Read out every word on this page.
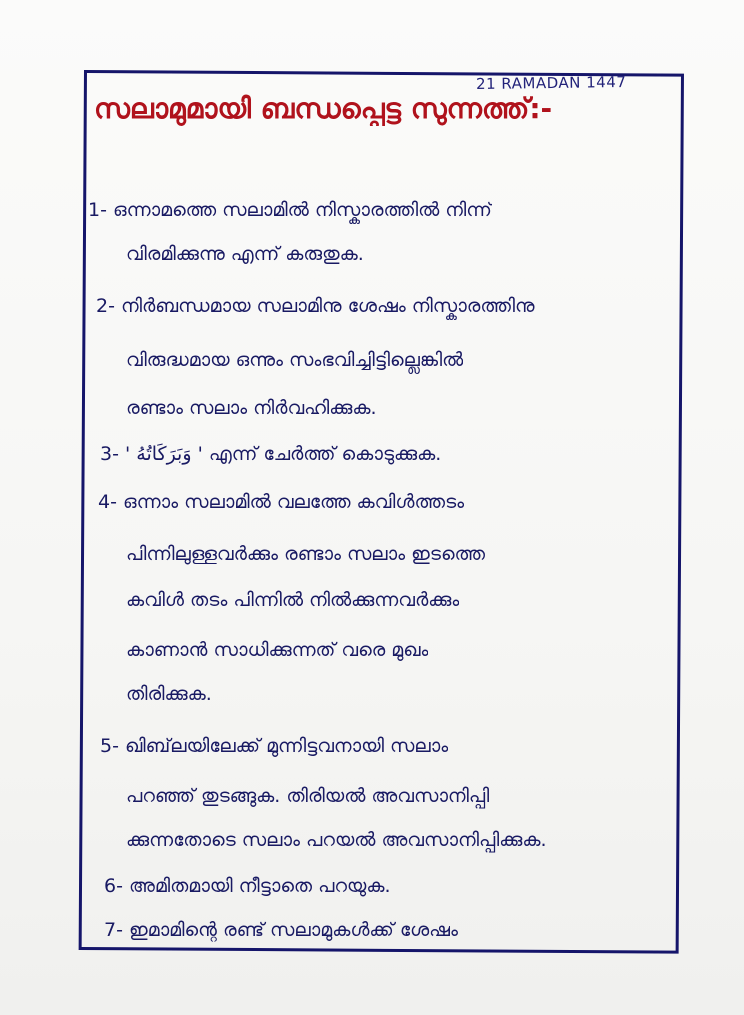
21 RAMADAN 1447
സലാമുമായി ബന്ധപ്പെട്ട സുന്നത്ത്:-
1- ഒന്നാമത്തെ സലാമിൽ നിസ്കാരത്തിൽ നിന്ന്
വിരമിക്കുന്നു എന്ന് കരുതുക.
2- നിർബന്ധമായ സലാമിനു ശേഷം നിസ്കാരത്തിനു
വിരുദ്ധമായ ഒന്നും സംഭവിച്ചിട്ടില്ലെങ്കിൽ
രണ്ടാം സലാം നിർവഹിക്കുക.
3- ' وَبَرَكَاتُهُ ' എന്ന് ചേർത്ത് കൊടുക്കുക.
4- ഒന്നാം സലാമിൽ വലത്തേ കവിൾത്തടം
പിന്നിലുള്ളവർക്കും രണ്ടാം സലാം ഇടത്തെ
കവിൾ തടം പിന്നിൽ നിൽക്കുന്നവർക്കും
കാണാൻ സാധിക്കുന്നത് വരെ മുഖം
തിരിക്കുക.
5- ഖിബ്‌ലയിലേക്ക് മുന്നിട്ടവനായി സലാം
പറഞ്ഞ് തുടങ്ങുക. തിരിയൽ അവസാനിപ്പി
ക്കുന്നതോടെ സലാം പറയൽ അവസാനിപ്പിക്കുക.
6- അമിതമായി നീട്ടാതെ പറയുക.
7- ഇമാമിന്റെ രണ്ട് സലാമുകൾക്ക് ശേഷം
